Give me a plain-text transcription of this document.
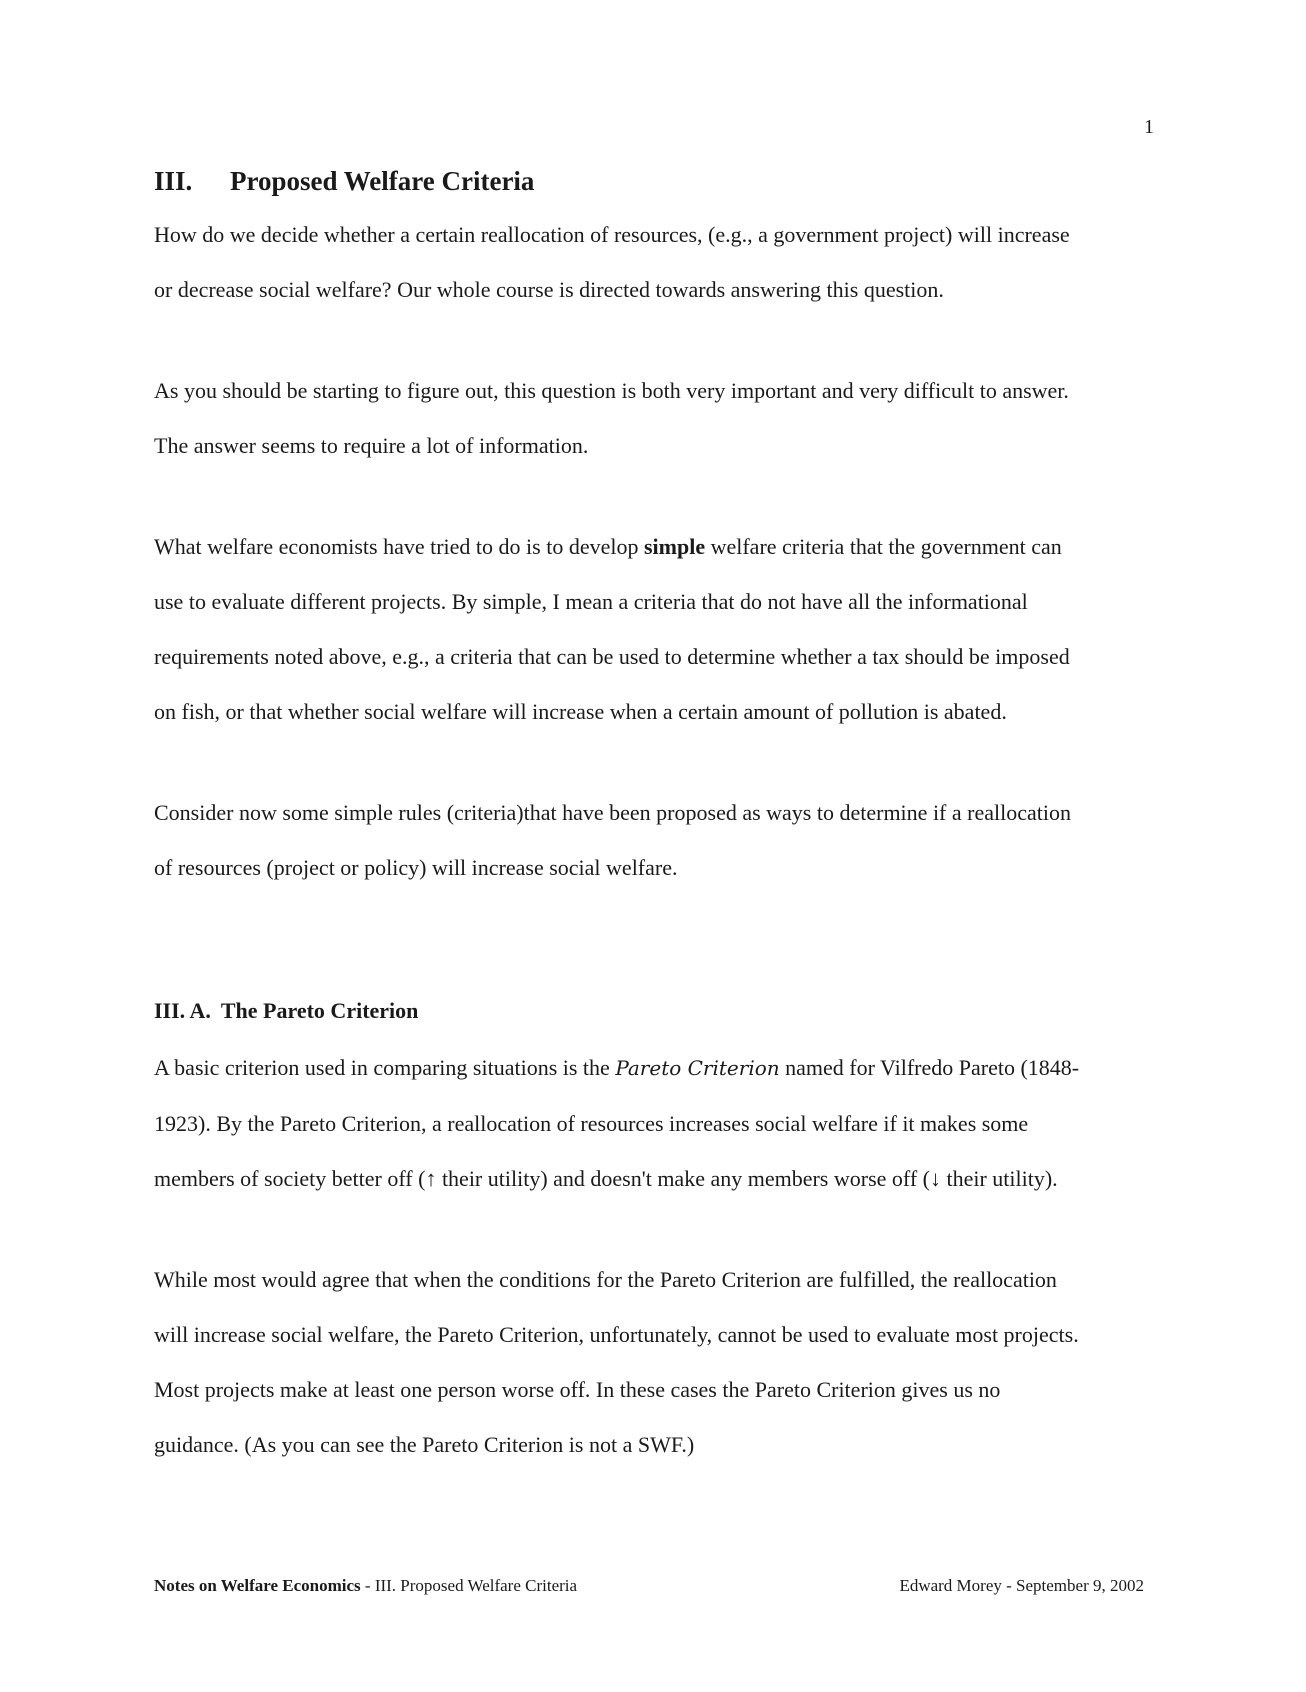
1
III. Proposed Welfare Criteria

How do we decide whether a certain reallocation of resources, (e.g., a government project) will increase
or decrease social welfare? Our whole course is directed towards answering this question.

As you should be starting to figure out, this question is both very important and very difficult to answer.
The answer seems to require a lot of information.

What welfare economists have tried to do is to develop simple welfare criteria that the government can
use to evaluate different projects. By simple, I mean a criteria that do not have all the informational
requirements noted above, e.g., a criteria that can be used to determine whether a tax should be imposed
on fish, or that whether social welfare will increase when a certain amount of pollution is abated.

Consider now some simple rules (criteria)that have been proposed as ways to determine if a reallocation
of resources (project or policy) will increase social welfare.

III. A. The Pareto Criterion

A basic criterion used in comparing situations is the Pareto Criterion named for Vilfredo Pareto (1848-
1923). By the Pareto Criterion, a reallocation of resources increases social welfare if it makes some
members of society better off (↑ their utility) and doesn't make any members worse off (↓ their utility).

While most would agree that when the conditions for the Pareto Criterion are fulfilled, the reallocation
will increase social welfare, the Pareto Criterion, unfortunately, cannot be used to evaluate most projects.
Most projects make at least one person worse off. In these cases the Pareto Criterion gives us no
guidance. (As you can see the Pareto Criterion is not a SWF.)

Notes on Welfare Economics - III. Proposed Welfare Criteria	Edward Morey - September 9, 2002
